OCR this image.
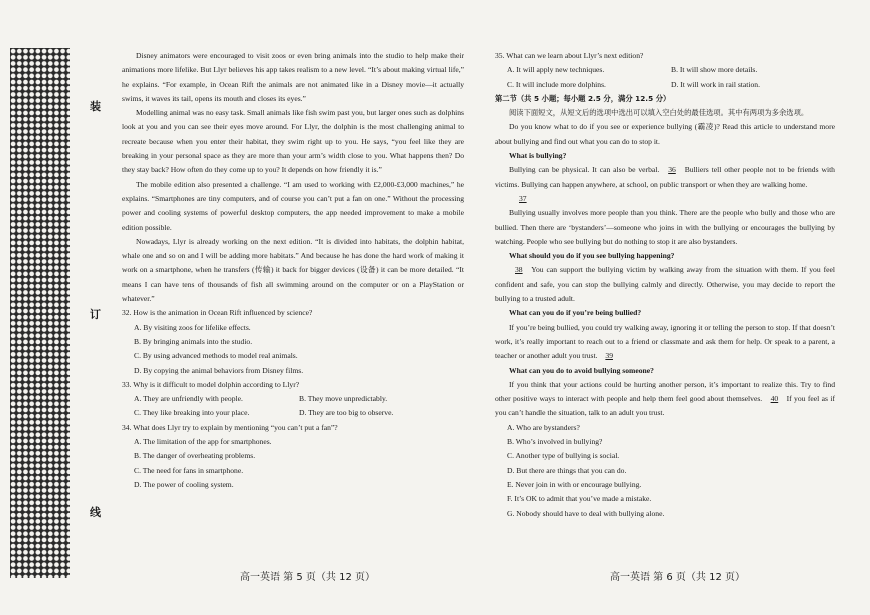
装
订
线

Disney animators were encouraged to visit zoos or even bring animals into the studio to help make their animations more lifelike. But Llyr believes his app takes realism to a new level. “It’s about making virtual life,” he explains. “For example, in Ocean Rift the animals are not animated like in a Disney movie—it actually swims, it waves its tail, opens its mouth and closes its eyes.”

Modelling animal was no easy task. Small animals like fish swim past you, but larger ones such as dolphins look at you and you can see their eyes move around. For Llyr, the dolphin is the most challenging animal to recreate because when you enter their habitat, they swim right up to you. He says, “you feel like they are breaking in your personal space as they are more than your arm’s width close to you. What happens then? Do they stay back? How often do they come up to you? It depends on how friendly it is.”

The mobile edition also presented a challenge. “I am used to working with £2,000-£3,000 machines,” he explains. “Smartphones are tiny computers, and of course you can’t put a fan on one.” Without the processing power and cooling systems of powerful desktop computers, the app needed improvement to make a mobile edition possible.

Nowadays, Llyr is already working on the next edition. “It is divided into habitats, the dolphin habitat, whale one and so on and I will be adding more habitats.” And because he has done the hard work of making it work on a smartphone, when he transfers (传输) it back for bigger devices (设备) it can be more detailed. “It means I can have tens of thousands of fish all swimming around on the computer or on a PlayStation or whatever.”

32. How is the animation in Ocean Rift influenced by science?
A. By visiting zoos for lifelike effects.
B. By bringing animals into the studio.
C. By using advanced methods to model real animals.
D. By copying the animal behaviors from Disney films.
33. Why is it difficult to model dolphin according to Llyr?
A. They are unfriendly with people.	B. They move unpredictably.
C. They like breaking into your place.	D. They are too big to observe.
34. What does Llyr try to explain by mentioning “you can’t put a fan”?
A. The limitation of the app for smartphones.
B. The danger of overheating problems.
C. The need for fans in smartphone.
D. The power of cooling system.
35. What can we learn about Llyr’s next edition?
A. It will apply new techniques.	B. It will show more details.
C. It will include more dolphins.	D. It will work in rail station.
第二节（共 5 小题；每小题 2.5 分，满分 12.5 分）

阅读下面短文，从短文后的选项中选出可以填入空白处的最佳选项。其中有两项为多余选项。

Do you know what to do if you see or experience bullying (霸凌)? Read this article to understand more about bullying and find out what you can do to stop it.

What is bullying?

Bullying can be physical. It can also be verbal. 36 Bulliers tell other people not to be friends with victims. Bullying can happen anywhere, at school, on public transport or when they are walking home.

37

Bullying usually involves more people than you think. There are the people who bully and those who are bullied. Then there are ‘bystanders’—someone who joins in with the bullying or encourages the bullying by watching. People who see bullying but do nothing to stop it are also bystanders.

What should you do if you see bullying happening?

38 You can support the bullying victim by walking away from the situation with them. If you feel confident and safe, you can stop the bullying calmly and directly. Otherwise, you may decide to report the bullying to a trusted adult.

What can you do if you’re being bullied?

If you’re being bullied, you could try walking away, ignoring it or telling the person to stop. If that doesn’t work, it’s really important to reach out to a friend or classmate and ask them for help. Or speak to a parent, a teacher or another adult you trust. 39

What can you do to avoid bullying someone?

If you think that your actions could be hurting another person, it’s important to realize this. Try to find other positive ways to interact with people and help them feel good about themselves. 40 If you feel as if you can’t handle the situation, talk to an adult you trust.

A. Who are bystanders?
B. Who’s involved in bullying?
C. Another type of bullying is social.
D. But there are things that you can do.
E. Never join in with or encourage bullying.
F. It’s OK to admit that you’ve made a mistake.
G. Nobody should have to deal with bullying alone.
高一英语 第 5 页（共 12 页）	高一英语 第 6 页（共 12 页）
